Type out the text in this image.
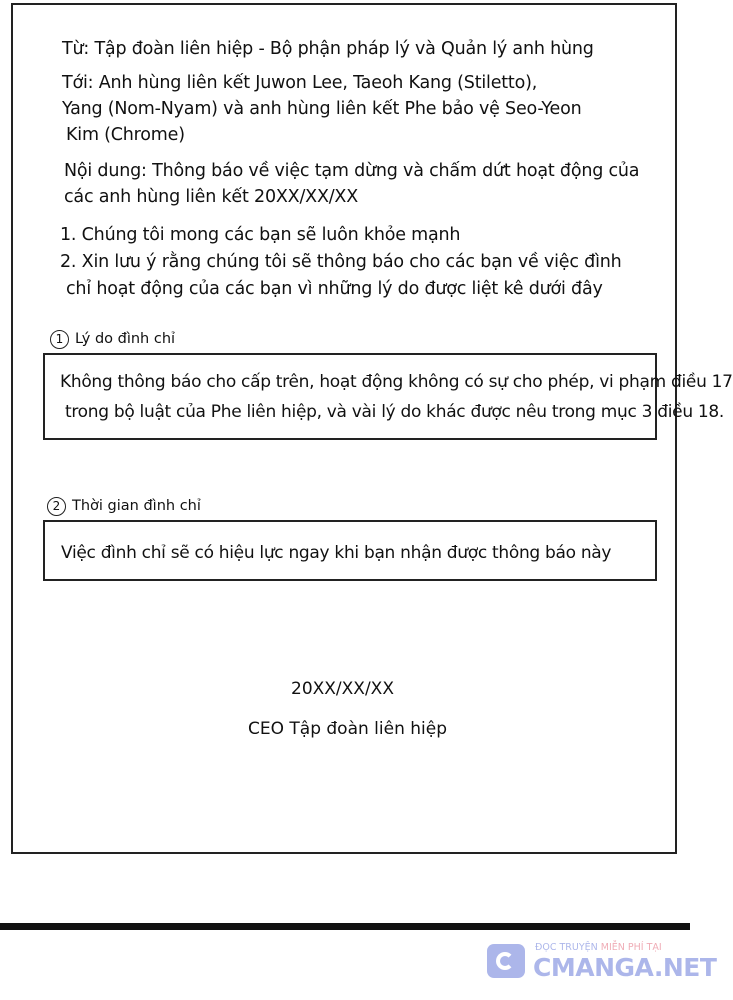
Từ: Tập đoàn liên hiệp - Bộ phận pháp lý và Quản lý anh hùng
Tới: Anh hùng liên kết Juwon Lee, Taeoh Kang (Stiletto),
Yang (Nom-Nyam) và anh hùng liên kết Phe bảo vệ Seo-Yeon
Kim (Chrome)
Nội dung: Thông báo về việc tạm dừng và chấm dứt hoạt động của
các anh hùng liên kết 20XX/XX/XX
1. Chúng tôi mong các bạn sẽ luôn khỏe mạnh
2. Xin lưu ý rằng chúng tôi sẽ thông báo cho các bạn về việc đình
chỉ hoạt động của các bạn vì những lý do được liệt kê dưới đây
1 Lý do đình chỉ
Không thông báo cho cấp trên, hoạt động không có sự cho phép, vi phạm điều 17
trong bộ luật của Phe liên hiệp, và vài lý do khác được nêu trong mục 3 điều 18.
2 Thời gian đình chỉ
Việc đình chỉ sẽ có hiệu lực ngay khi bạn nhận được thông báo này
20XX/XX/XX
CEO Tập đoàn liên hiệp
ĐỌC TRUYỆN MIỄN PHÍ TẠI
CMANGA.NET
